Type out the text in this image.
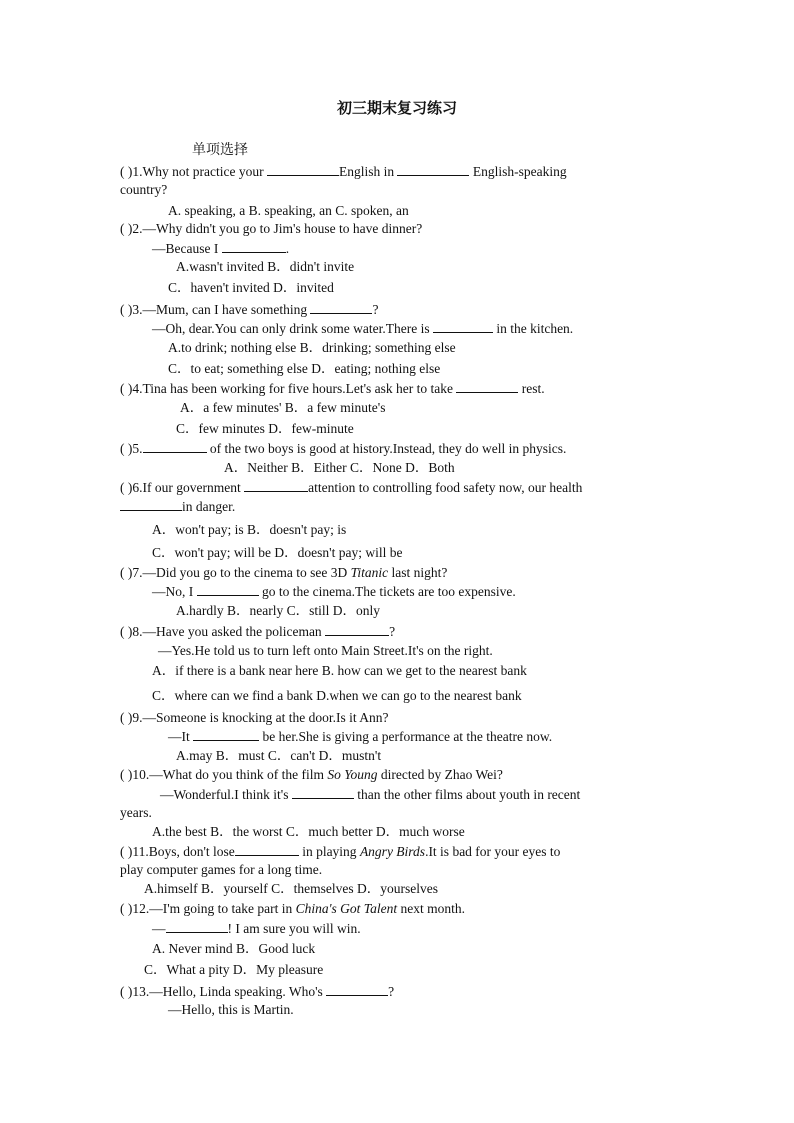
初三期末复习练习
单项选择
( )1.Why not practice your	English in	English-speaking
country?
A. speaking, a B. speaking, an C. spoken, an
( )2.—Why didn't you go to Jim's house to have dinner?
—Because I	.
A.wasn't invited B．didn't invite
C．haven't invited D．invited
( )3.—Mum, can I have something	?
—Oh, dear.You can only drink some water.There is	in the kitchen.
A.to drink; nothing else B．drinking; something else
C．to eat; something else D．eating; nothing else
( )4.Tina has been working for five hours.Let's ask her to take	rest.
A．a few minutes' B．a few minute's
C．few minutes D．few-minute
( )5.	of the two boys is good at history.Instead, they do well in physics.
A．Neither B．Either C．None D．Both
( )6.If our government	attention to controlling food safety now, our health
in danger.
A．won't pay; is B．doesn't pay; is
C．won't pay; will be D．doesn't pay; will be
( )7.—Did you go to the cinema to see 3D Titanic last night?
—No, I	go to the cinema.The tickets are too expensive.
A.hardly B．nearly C．still D．only
( )8.—Have you asked the policeman	?
—Yes.He told us to turn left onto Main Street.It's on the right.
A．if there is a bank near here B. how can we get to the nearest bank
C．where can we find a bank D.when we can go to the nearest bank
( )9.—Someone is knocking at the door.Is it Ann?
—It	be her.She is giving a performance at the theatre now.
A.may B．must C．can't D．mustn't
( )10.—What do you think of the film So Young directed by Zhao Wei?
—Wonderful.I think it's	than the other films about youth in recent
years.
A.the best B．the worst C．much better D．much worse
( )11.Boys, don't lose	in playing Angry Birds.It is bad for your eyes to
play computer games for a long time.
A.himself B．yourself C．themselves D．yourselves
( )12.—I'm going to take part in China's Got Talent next month.
—	! I am sure you will win.
A. Never mind B．Good luck
C．What a pity D．My pleasure
( )13.—Hello, Linda speaking. Who's	?
—Hello, this is Martin.
